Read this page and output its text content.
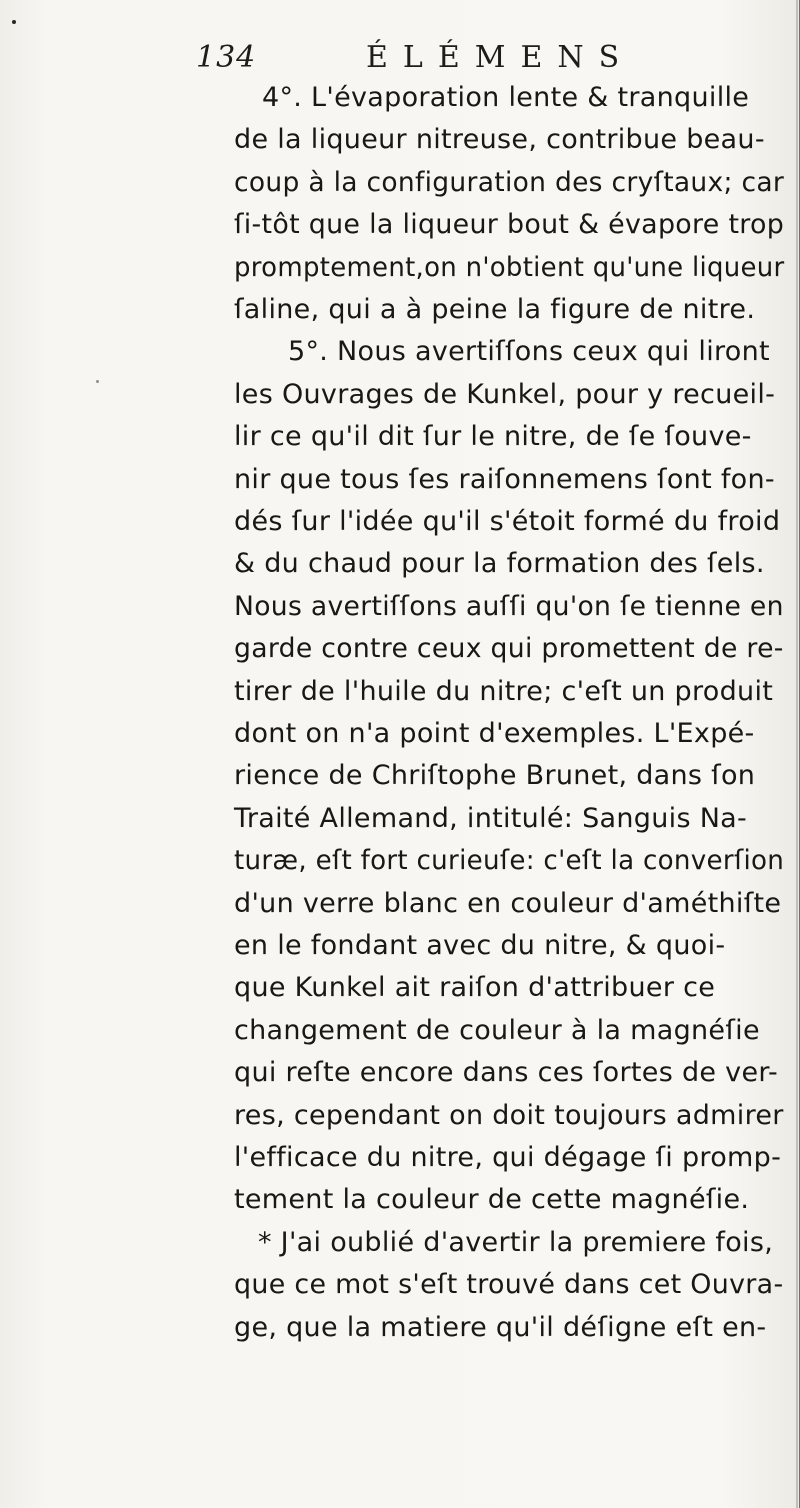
134	ÉLÉMENS
4°. L'évaporation lente & tranquille
de la liqueur nitreuse, contribue beau-
coup à la configuration des cryſtaux; car
ſi-tôt que la liqueur bout & évapore trop
promptement,on n'obtient qu'une liqueur
ſaline, qui a à peine la figure de nitre.
5°. Nous avertiſſons ceux qui liront
les Ouvrages de Kunkel, pour y recueil-
lir ce qu'il dit ſur le nitre, de ſe ſouve-
nir que tous ſes raiſonnemens ſont fon-
dés ſur l'idée qu'il s'étoit formé du froid
& du chaud pour la formation des ſels.
Nous avertiſſons auſſi qu'on ſe tienne en
garde contre ceux qui promettent de re-
tirer de l'huile du nitre; c'eſt un produit
dont on n'a point d'exemples. L'Expé-
rience de Chriſtophe Brunet, dans ſon
Traité Allemand, intitulé: Sanguis Na-
turæ, eſt fort curieuſe: c'eſt la converſion
d'un verre blanc en couleur d'améthiſte
en le fondant avec du nitre, & quoi-
que Kunkel ait raiſon d'attribuer ce
changement de couleur à la magnéſie
qui reſte encore dans ces ſortes de ver-
res, cependant on doit toujours admirer
l'efficace du nitre, qui dégage ſi promp-
tement la couleur de cette magnéſie.
* J'ai oublié d'avertir la premiere fois,
que ce mot s'eſt trouvé dans cet Ouvra-
ge, que la matiere qu'il déſigne eſt en-
